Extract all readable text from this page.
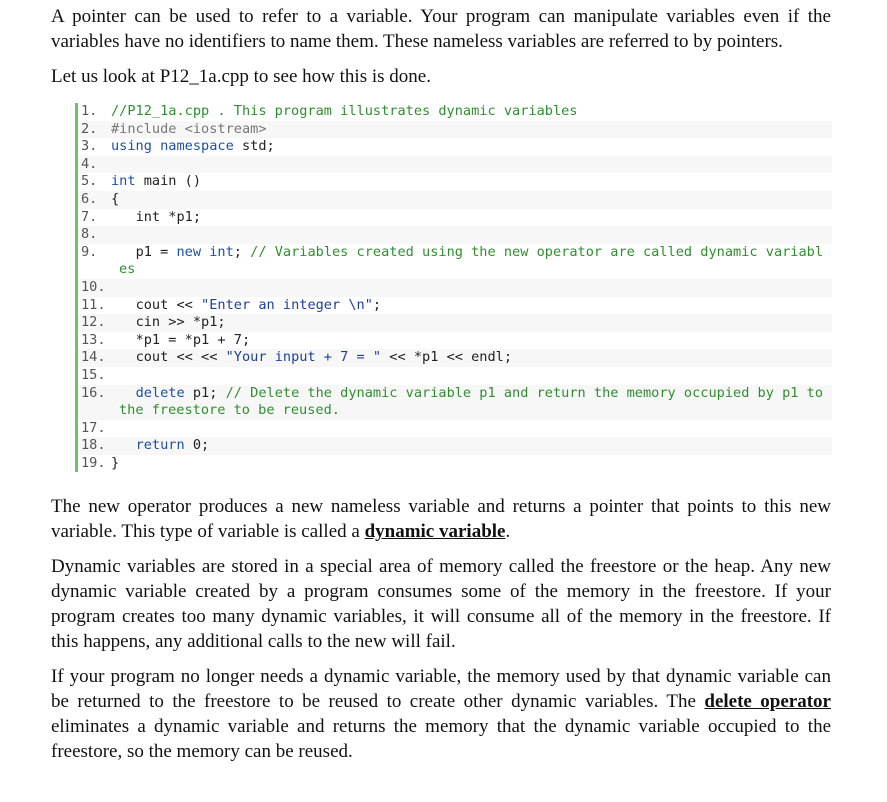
A pointer can be used to refer to a variable. Your program can manipulate variables even if the variables have no identifiers to name them. These nameless variables are referred to by pointers.

Let us look at P12_1a.cpp to see how this is done.

1.	//P12_1a.cpp . This program illustrates dynamic variables
2.	#include <iostream>
3.	using namespace std;
4.

5.	int main ()
6.	{
7.	int *p1;
8.

9.	p1 = new int; // Variables created using the new operator are called dynamic variabl
es
10.

11. cout << "Enter an integer \n";
12. cin >> *p1;
13. *p1 = *p1 + 7;
14. cout << << "Your input + 7 = " << *p1 << endl;
15.

16.	delete p1; // Delete the dynamic variable p1 and return the memory occupied by p1 to
the freestore to be reused.
17.

18.	return 0;
19. }

The new operator produces a new nameless variable and returns a pointer that points to this new variable. This type of variable is called a dynamic variable.

Dynamic variables are stored in a special area of memory called the freestore or the heap. Any new dynamic variable created by a program consumes some of the memory in the freestore. If your program creates too many dynamic variables, it will consume all of the memory in the freestore. If this happens, any additional calls to the new will fail.

If your program no longer needs a dynamic variable, the memory used by that dynamic variable can be returned to the freestore to be reused to create other dynamic variables. The delete operator eliminates a dynamic variable and returns the memory that the dynamic variable occupied to the freestore, so the memory can be reused.
